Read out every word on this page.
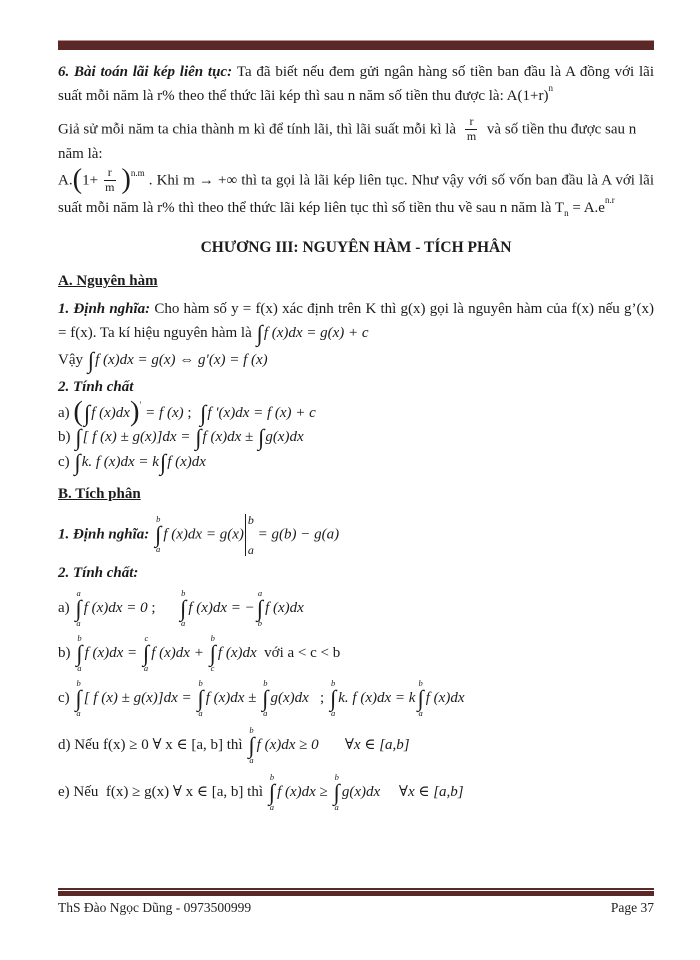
6. Bài toán lãi kép liên tục: Ta đã biết nếu đem gửi ngân hàng số tiền ban đầu là A đồng với lãi suất mỗi năm là r% theo thể thức lãi kép thì sau n năm số tiền thu được là: $A(1+r)^n$
Giả sử mỗi năm ta chia thành m kì để tính lãi, thì lãi suất mỗi kì là $\frac{r}{m}$ và số tiền thu được sau n năm là:
$A.(1+ \frac{r}{m} )^{n.m}$ . Khi m → +∞ thì ta gọi là lãi kép liên tục. Như vậy với số vốn ban đầu là A với lãi suất mỗi năm là r% thì theo thể thức lãi kép liên tục thì số tiền thu về sau n năm là $T_n = A.e^{n.r}$
CHƯƠNG III: NGUYÊN HÀM - TÍCH PHÂN
A. Nguyên hàm
1. Định nghĩa: Cho hàm số y = f(x) xác định trên K thì g(x) gọi là nguyên hàm của f(x) nếu g’(x) = f(x). Ta kí hiệu nguyên hàm là ∫f (x)dx = g(x) + c
Vậy ∫f (x)dx = g(x) ⇔ g′(x) = f (x)
2. Tính chất
a) (∫f (x)dx)′ = f (x) ;  ∫f ′(x)dx = f (x) + c
b) ∫[ f (x) ± g(x)]dx = ∫f (x)dx ± ∫g(x)dx
c) ∫k. f (x)dx = k∫f (x)dx
B. Tích phân
1. Định nghĩa:
b
∫
a
f (x)dx = g(x)
b
a
= g(b) − g(a)
2. Tính chất:
a)
a
∫
a
f (x)dx = 0 ;
b
∫
a
f (x)dx = −
a
∫
b
f (x)dx
b)
b
∫
a
f (x)dx =
c
∫
a
f (x)dx +
b
∫
c
f (x)dx  với a < c < b
c)
b
∫
a
[ f (x) ± g(x)]dx =
b
∫
a
f (x)dx ±
b
∫
a
g(x)dx   ;
b
∫
a
k. f (x)dx = k
b
∫
a
f (x)dx
d) Nếu f(x) ≥ 0 ∀ x ∈ [a, b] thì
b
∫
a
f (x)dx ≥ 0 ∀x ∈ [a,b]
e) Nếu  f(x) ≥ g(x) ∀ x ∈ [a, b] thì
b
∫
a
f (x)dx ≥
b
∫
a
g(x)dx ∀x ∈ [a,b]
ThS Đào Ngọc Dũng - 0973500999	Page 37
